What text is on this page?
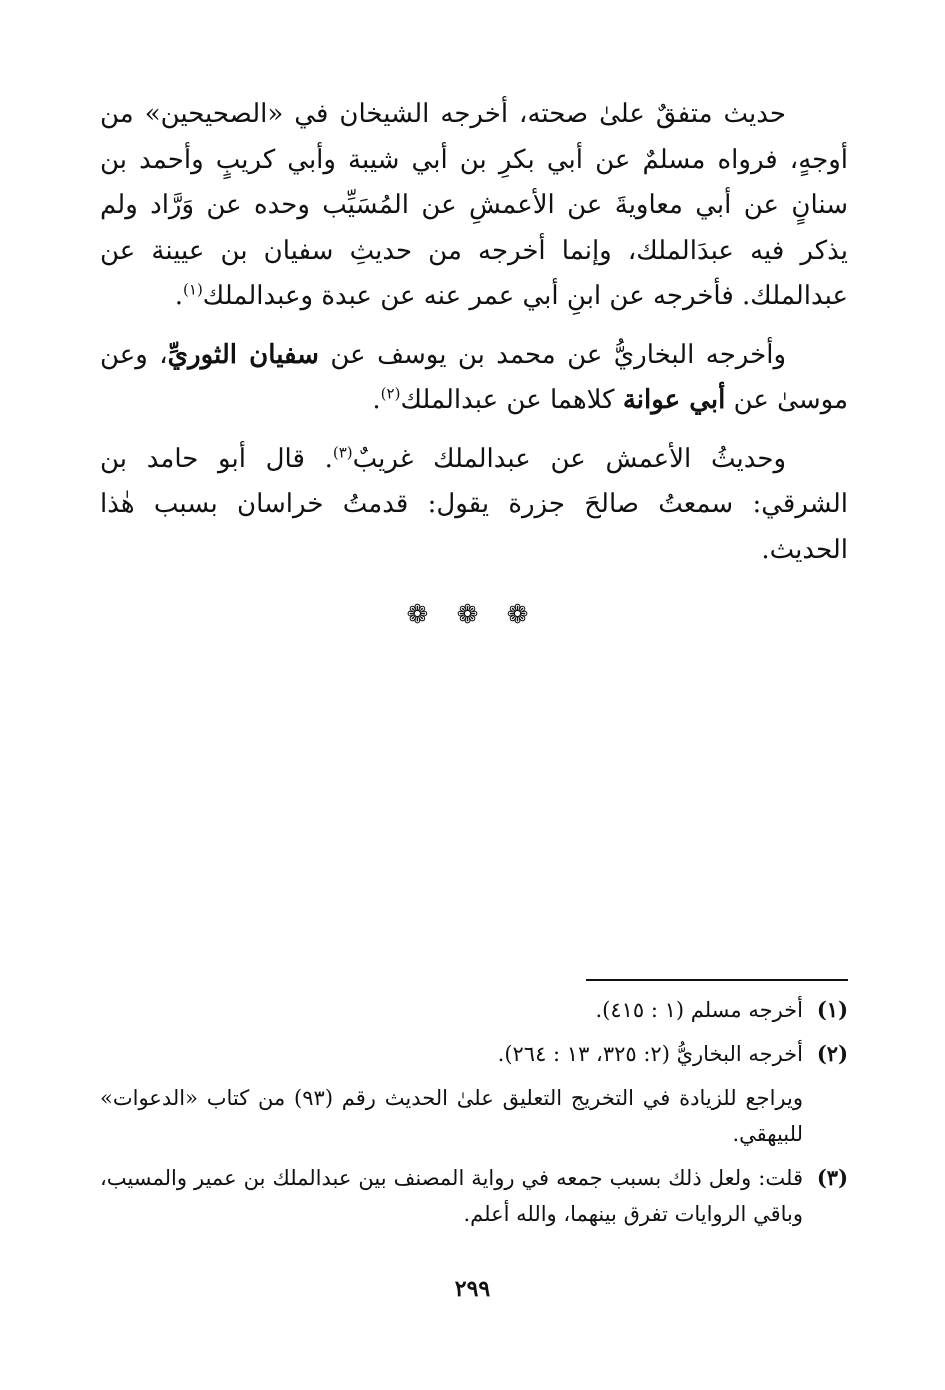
حديث متفقٌ علىٰ صحته، أخرجه الشيخان في «الصحيحين» من أوجهٍ، فرواه مسلمٌ عن أبي بكرِ بن أبي شيبة وأبي كريبٍ وأحمد بن سنانٍ عن أبي معاويةَ عن الأعمشِ عن المُسَيِّب وحده عن وَرَّاد ولم يذكر فيه عبدَالملك، وإنما أخرجه من حديثِ سفيان بن عيينة عن عبدالملك. فأخرجه عن ابنِ أبي عمر عنه عن عبدة وعبدالملك$^{(١)}$.

وأخرجه البخاريُّ عن محمد بن يوسف عن سفيان الثوريِّ، وعن موسىٰ عن أبي عوانة كلاهما عن عبدالملك$^{(٢)}$.

وحديثُ الأعمش عن عبدالملك غريبٌ$^{(٣)}$. قال أبو حامد بن الشرقي: سمعتُ صالحَ جزرة يقول: قدمتُ خراسان بسبب هٰذا الحديث.

❁ ❁ ❁
(١)
أخرجه مسلم (١ : ٤١٥).
(٢)
أخرجه البخاريُّ (٢: ٣٢٥، ١٣ : ٢٦٤).
ويراجع للزيادة في التخريج التعليق علىٰ الحديث رقم (٩٣) من كتاب «الدعوات» للبيهقي.
(٣)
قلت: ولعل ذلك بسبب جمعه في رواية المصنف بين عبدالملك بن عمير والمسيب، وباقي الروايات تفرق بينهما، والله أعلم.
٢٩٩
